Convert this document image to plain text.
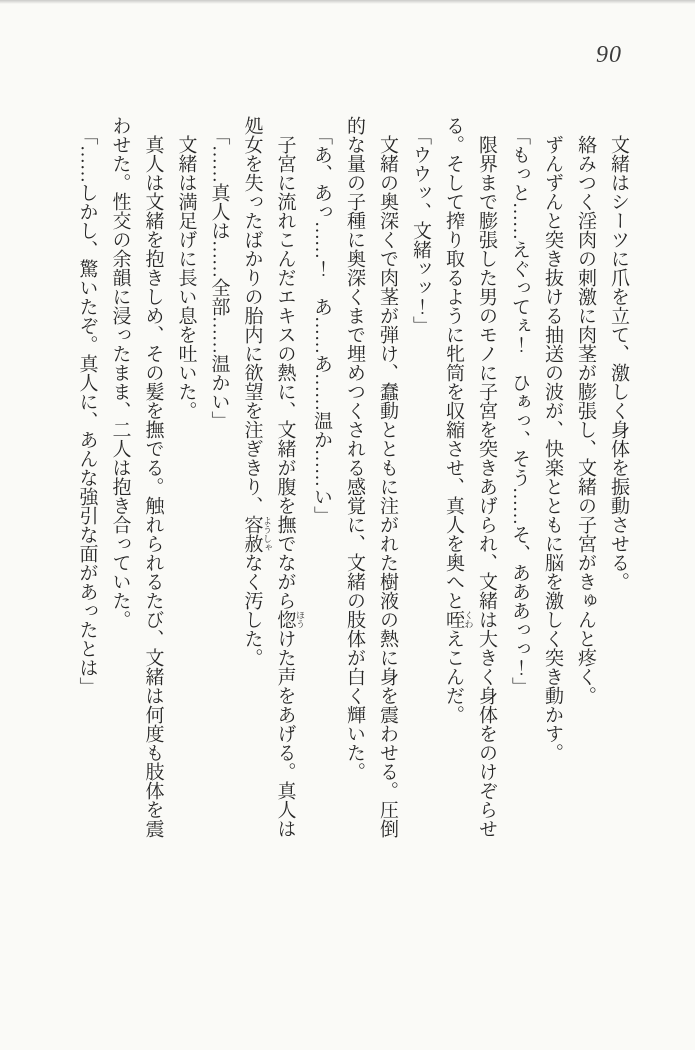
90

文緒はシーツに爪を立て、激しく身体を振動させる。

絡みつく淫肉の刺激に肉茎が膨張し、文緒の子宮がきゅんと疼く。

ずんずんと突き抜ける抽送の波が、快楽とともに脳を激しく突き動かす。

「もっと……えぐってぇ！　ひぁっ、そう……そ、あああっっ！」

限界まで膨張した男のモノに子宮を突きあげられ、文緒は大きく身体をのけぞらせる。そして搾り取るように牝筒を収縮させ、真人を奥へと咥 くわえこんだ。

「ウウッ、文緒ッッ！」

文緒の奥深くで肉茎が弾け、蠢動とともに注がれた樹液の熱に身を震わせる。圧倒的な量の子種に奥深くまで埋めつくされる感覚に、文緒の肢体が白く輝いた。

「あ、あっ……！　あ……あ……温か……い」

子宮に流れこんだエキスの熱に、文緒が腹を撫でながら惚 ほうけた声をあげる。真人は処女を失ったばかりの胎内に欲望を注ぎきり、容赦 ようしゃなく汚した。

「……真人は……全部……温かい」

文緒は満足げに長い息を吐いた。

真人は文緒を抱きしめ、その髪を撫でる。触れられるたび、文緒は何度も肢体を震わせた。性交の余韻に浸ったまま、二人は抱き合っていた。

「……しかし、驚いたぞ。真人に、あんな強引な面があったとは」
